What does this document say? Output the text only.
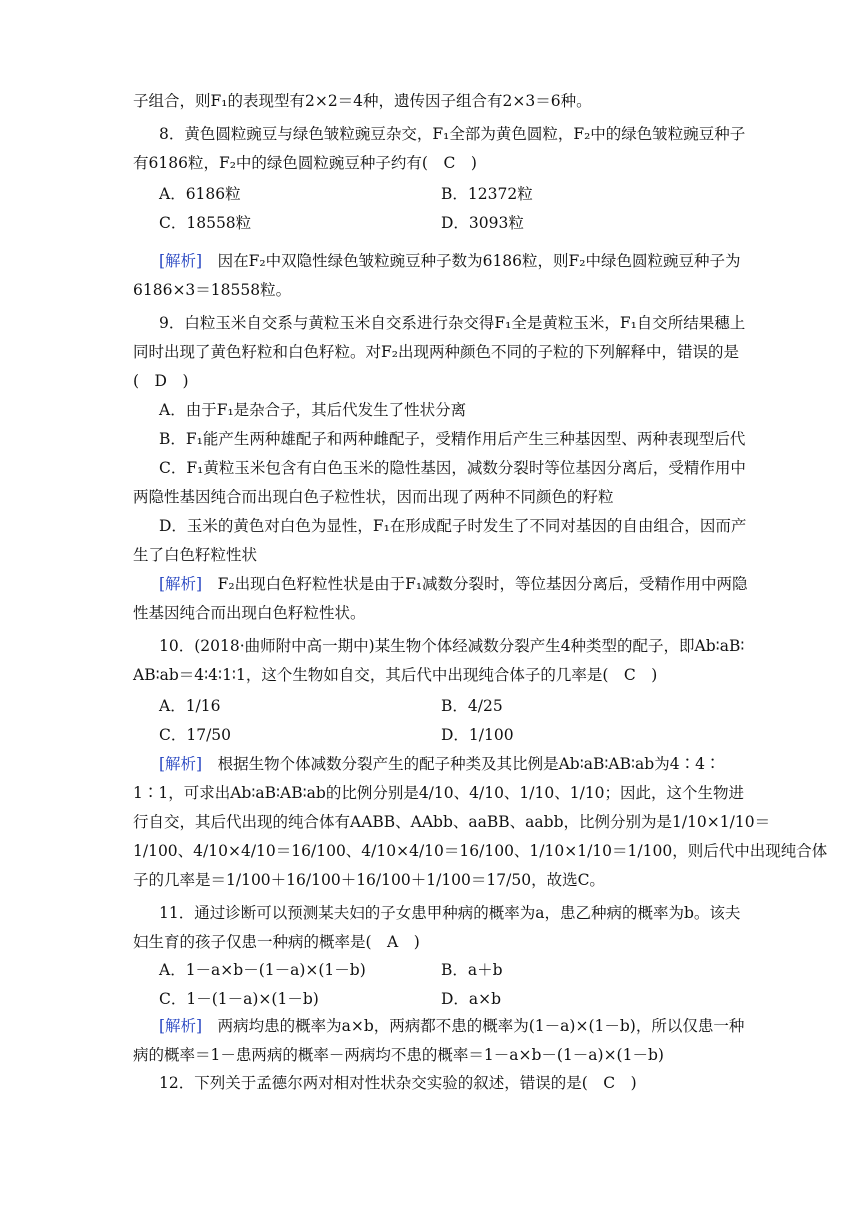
子组合，则F₁的表现型有2×2＝4种，遗传因子组合有2×3＝6种。
8．黄色圆粒豌豆与绿色皱粒豌豆杂交，F₁全部为黄色圆粒，F₂中的绿色皱粒豌豆种子
有6186粒，F₂中的绿色圆粒豌豆种子约有(　C　)
[解析]　因在F₂中双隐性绿色皱粒豌豆种子数为6186粒，则F₂中绿色圆粒豌豆种子为
6186×3＝18558粒。
9．白粒玉米自交系与黄粒玉米自交系进行杂交得F₁全是黄粒玉米，F₁自交所结果穗上
同时出现了黄色籽粒和白色籽粒。对F₂出现两种颜色不同的子粒的下列解释中，错误的是
(　D　)
A．由于F₁是杂合子，其后代发生了性状分离
B．F₁能产生两种雄配子和两种雌配子，受精作用后产生三种基因型、两种表现型后代
C．F₁黄粒玉米包含有白色玉米的隐性基因，减数分裂时等位基因分离后，受精作用中
两隐性基因纯合而出现白色子粒性状，因而出现了两种不同颜色的籽粒
D．玉米的黄色对白色为显性，F₁在形成配子时发生了不同对基因的自由组合，因而产
生了白色籽粒性状
[解析]　F₂出现白色籽粒性状是由于F₁减数分裂时，等位基因分离后，受精作用中两隐
性基因纯合而出现白色籽粒性状。
10．(2018·曲师附中高一期中)某生物个体经减数分裂产生4种类型的配子，即Ab∶aB∶
AB∶ab＝4∶4∶1∶1，这个生物如自交，其后代中出现纯合体子的几率是(　C　)
[解析]　根据生物个体减数分裂产生的配子种类及其比例是Ab∶aB∶AB∶ab为4∶4∶
1∶1，可求出Ab∶aB∶AB∶ab的比例分别是4/10、4/10、1/10、1/10；因此，这个生物进
行自交，其后代出现的纯合体有AABB、AAbb、aaBB、aabb，比例分别为是1/10×1/10＝
1/100、4/10×4/10＝16/100、4/10×4/10＝16/100、1/10×1/10＝1/100，则后代中出现纯合体
子的几率是＝1/100＋16/100＋16/100＋1/100＝17/50，故选C。
11．通过诊断可以预测某夫妇的子女患甲种病的概率为a，患乙种病的概率为b。该夫
妇生育的孩子仅患一种病的概率是(　A　)
[解析]　两病均患的概率为a×b，两病都不患的概率为(1－a)×(1－b)，所以仅患一种
病的概率＝1－患两病的概率－两病均不患的概率＝1－a×b－(1－a)×(1－b)
12．下列关于孟德尔两对相对性状杂交实验的叙述，错误的是(　C　)
A．6186粒	B．12372粒
C．18558粒	D．3093粒
A．1/16	B．4/25
C．17/50	D．1/100
A．1－a×b－(1－a)×(1－b)	B．a＋b
C．1－(1－a)×(1－b)	D．a×b
